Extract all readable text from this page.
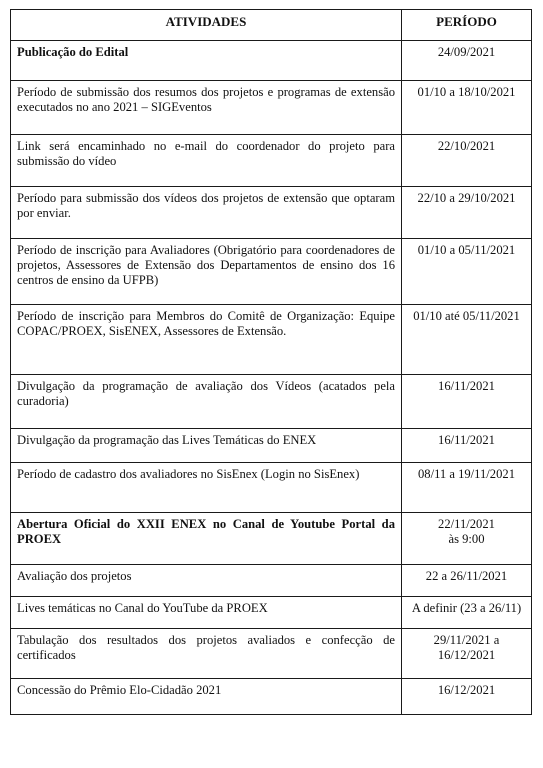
ATIVIDADES	PERÍODO
Publicação do Edital	24/09/2021

Período de submissão dos resumos dos projetos e programas de extensão executados no ano 2021 – SIGEventos	01/10 a 18/10/2021

Link será encaminhado no e-mail do coordenador do projeto para submissão do vídeo	22/10/2021

Período para submissão dos vídeos dos projetos de extensão que optaram por enviar.	22/10 a 29/10/2021

Período de inscrição para Avaliadores (Obrigatório para coordenadores de projetos, Assessores de Extensão dos Departamentos de ensino dos 16 centros de ensino da UFPB)	01/10 a 05/11/2021

Período de inscrição para Membros do Comitê de Organização: Equipe COPAC/PROEX, SisENEX, Assessores de Extensão.	01/10 até 05/11/2021

Divulgação da programação de avaliação dos Vídeos (acatados pela curadoria)	16/11/2021

Divulgação da programação das Lives Temáticas do ENEX	16/11/2021

Período de cadastro dos avaliadores no SisEnex (Login no SisEnex)	08/11 a 19/11/2021

Abertura Oficial do XXII ENEX no Canal de Youtube Portal da PROEX	22/11/2021
às 9:00

Avaliação dos projetos	22 a 26/11/2021

Lives temáticas no Canal do YouTube da PROEX	A definir (23 a 26/11)

Tabulação dos resultados dos projetos avaliados e confecção de certificados	29/11/2021 a
16/12/2021

Concessão do Prêmio Elo-Cidadão 2021	16/12/2021
